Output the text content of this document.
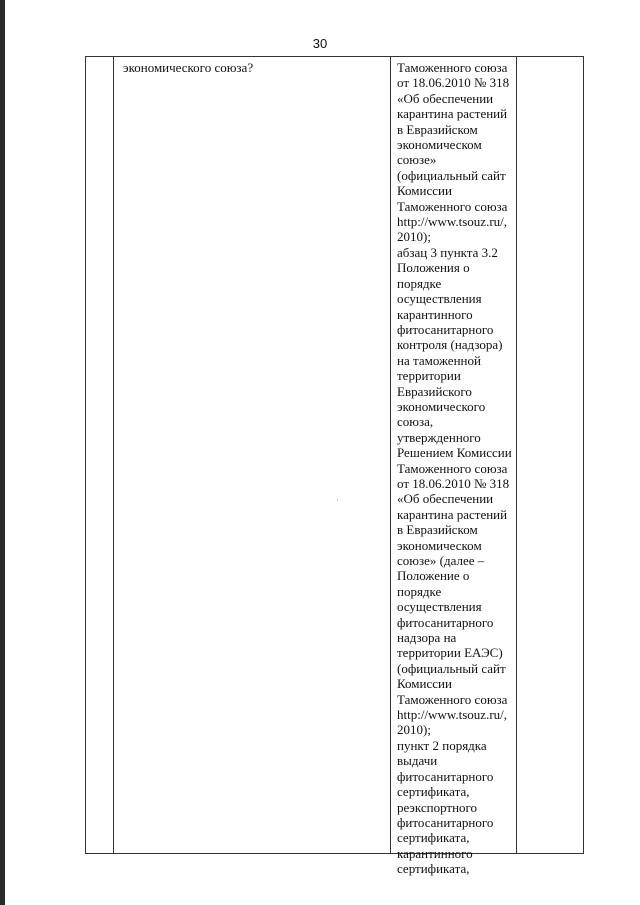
30
экономического союза?	Таможенного союза
от 18.06.2010 № 318
«Об обеспечении
карантина растений
в Евразийском
экономическом
союзе»
(официальный сайт
Комиссии
Таможенного союза
http://www.tsouz.ru/,
2010);
абзац 3 пункта 3.2
Положения о
порядке
осуществления
карантинного
фитосанитарного
контроля (надзора)
на таможенной
территории
Евразийского
экономического
союза,
утвержденного
Решением Комиссии
Таможенного союза
от 18.06.2010 № 318
«Об обеспечении
карантина растений
в Евразийском
экономическом
союзе» (далее –
Положение о
порядке
осуществления
фитосанитарного
надзора на
территории ЕАЭС)
(официальный сайт
Комиссии
Таможенного союза
http://www.tsouz.ru/,
2010);
пункт 2 порядка
выдачи
фитосанитарного
сертификата,
реэкспортного
фитосанитарного
сертификата,
карантинного
сертификата,
